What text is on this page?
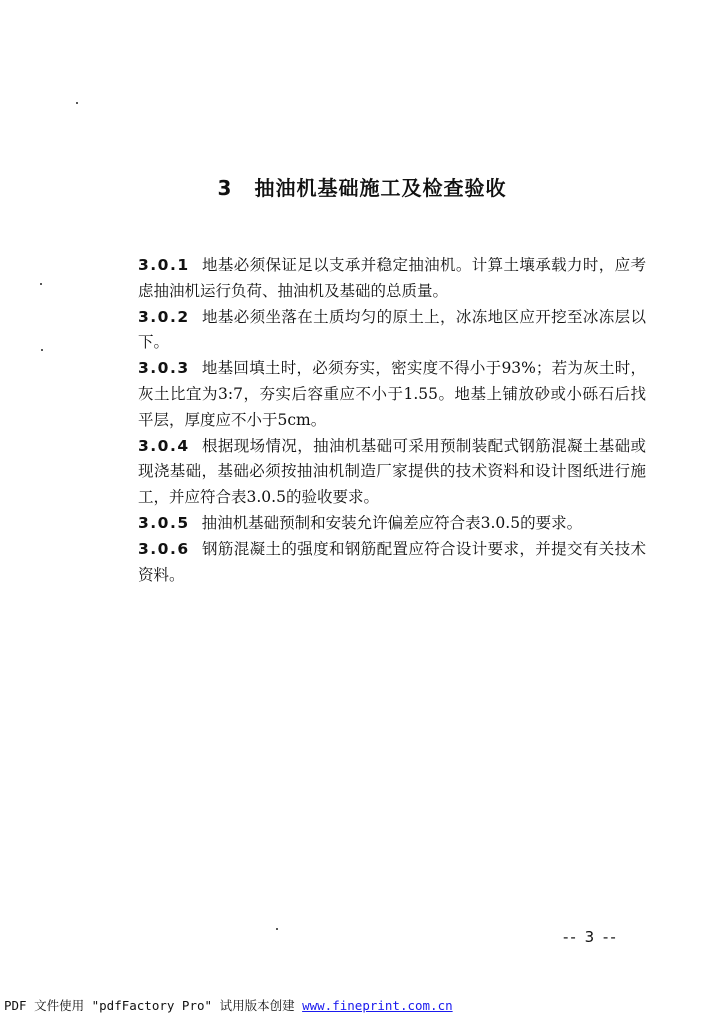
3 抽油机基础施工及检查验收

3.0.1 地基必须保证足以支承并稳定抽油机。计算土壤承载力时，应考虑抽油机运行负荷、抽油机及基础的总质量。

3.0.2 地基必须坐落在土质均匀的原土上，冰冻地区应开挖至冰冻层以下。

3.0.3 地基回填土时，必须夯实，密实度不得小于93%；若为灰土时，灰土比宜为3:7，夯实后容重应不小于1.55。地基上铺放砂或小砾石后找平层，厚度应不小于5cm。

3.0.4 根据现场情况，抽油机基础可采用预制装配式钢筋混凝土基础或现浇基础，基础必须按抽油机制造厂家提供的技术资料和设计图纸进行施工，并应符合表3.0.5的验收要求。

3.0.5 抽油机基础预制和安装允许偏差应符合表3.0.5的要求。

3.0.6 钢筋混凝土的强度和钢筋配置应符合设计要求，并提交有关技术资料。

-- 3 --
PDF 文件使用 "pdfFactory Pro" 试用版本创建 www.fineprint.com.cn
